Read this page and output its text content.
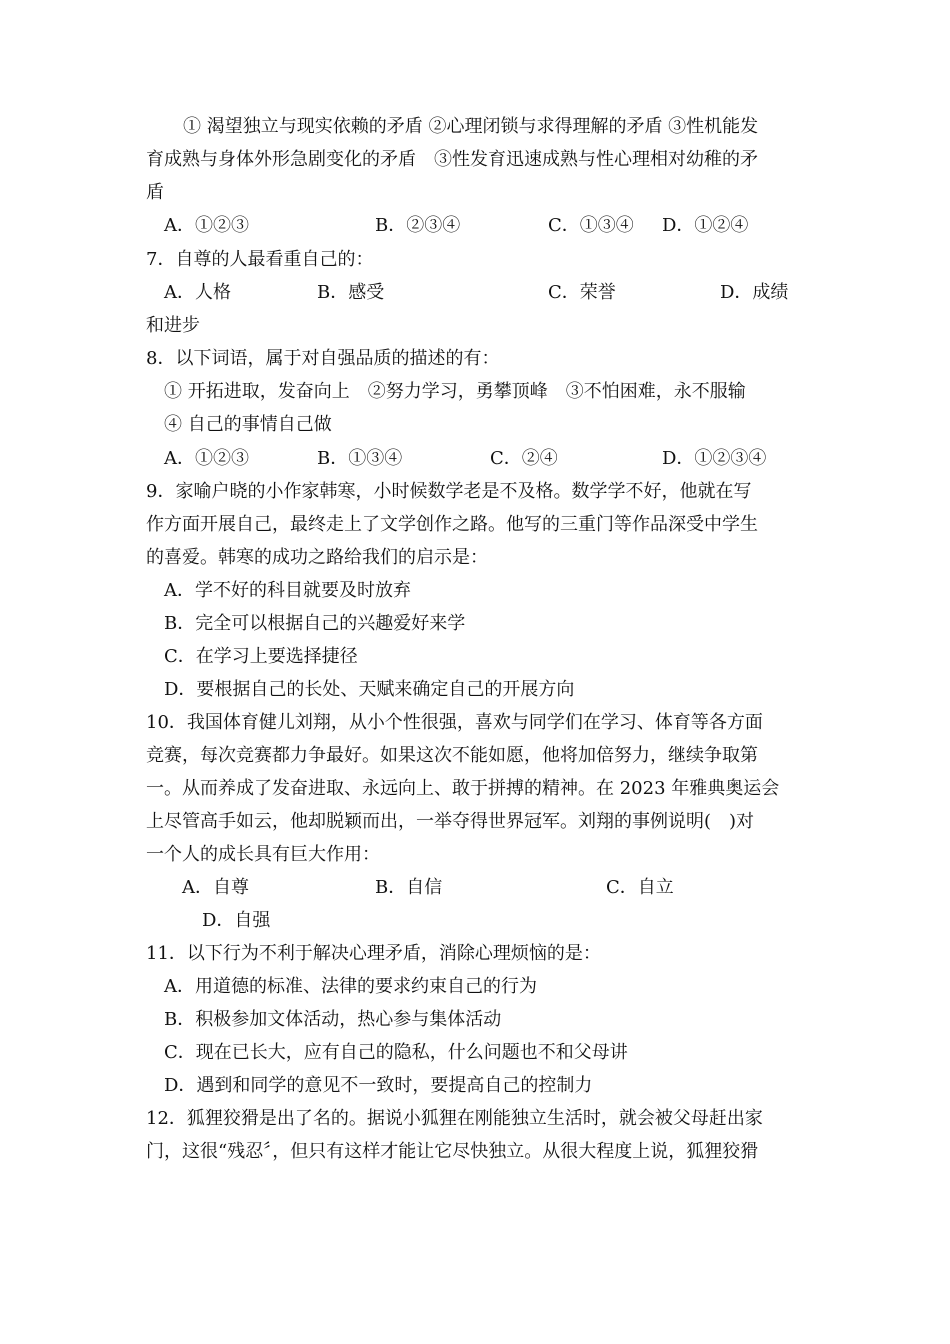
① 渴望独立与现实依赖的矛盾 ②心理闭锁与求得理解的矛盾 ③性机能发
育成熟与身体外形急剧变化的矛盾　③性发育迅速成熟与性心理相对幼稚的矛
盾
A．①②③	B．②③④	C．①③④ D．①②④
7．自尊的人最看重自己的：
A．人格	B．感受	C．荣誉	D．成绩
和进步
8．以下词语，属于对自强品质的描述的有：
① 开拓进取，发奋向上　②努力学习，勇攀顶峰　③不怕困难，永不服输
④ 自己的事情自己做
A．①②③	B．①③④	C．②④	D．①②③④
9．家喻户晓的小作家韩寒，小时候数学老是不及格。数学学不好，他就在写
作方面开展自己，最终走上了文学创作之路。他写的三重门等作品深受中学生
的喜爱。韩寒的成功之路给我们的启示是：
A．学不好的科目就要及时放弃
B．完全可以根据自己的兴趣爱好来学
C．在学习上要选择捷径
D．要根据自己的长处、天赋来确定自己的开展方向
10．我国体育健儿刘翔，从小个性很强，喜欢与同学们在学习、体育等各方面
竞赛，每次竞赛都力争最好。如果这次不能如愿，他将加倍努力，继续争取第
一。从而养成了发奋进取、永远向上、敢于拼搏的精神。在 2023 年雅典奥运会
上尽管高手如云，他却脱颖而出，一举夺得世界冠军。刘翔的事例说明(　)对
一个人的成长具有巨大作用：
A．自尊	B．自信	C．自立
D．自强
11．以下行为不利于解决心理矛盾，消除心理烦恼的是：
A．用道德的标准、法律的要求约束自己的行为
B．积极参加文体活动，热心参与集体活动
C．现在已长大，应有自己的隐私，什么问题也不和父母讲
D．遇到和同学的意见不一致时，要提高自己的控制力
12．狐狸狡猾是出了名的。据说小狐狸在刚能独立生活时，就会被父母赶出家
门，这很“残忍〞，但只有这样才能让它尽快独立。从很大程度上说，狐狸狡猾
